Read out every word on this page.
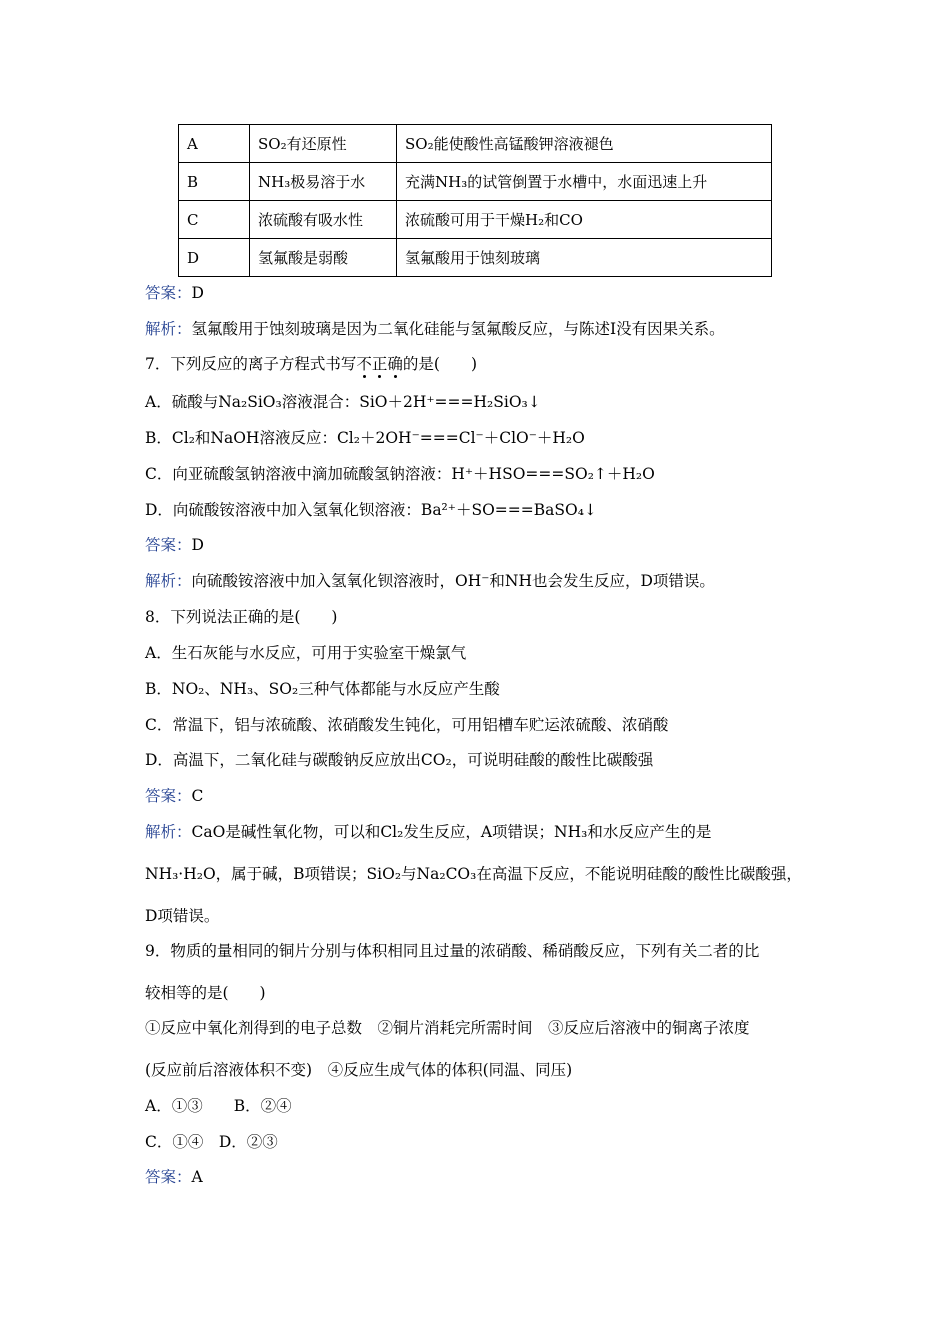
A	SO₂有还原性	SO₂能使酸性高锰酸钾溶液褪色
B	NH₃极易溶于水	充满NH₃的试管倒置于水槽中，水面迅速上升
C	浓硫酸有吸水性	浓硫酸可用于干燥H₂和CO
D	氢氟酸是弱酸	氢氟酸用于蚀刻玻璃
答案：D
解析：氢氟酸用于蚀刻玻璃是因为二氧化硅能与氢氟酸反应，与陈述Ⅰ没有因果关系。
7．下列反应的离子方程式书写不正确的是(　　)
A．硫酸与Na₂SiO₃溶液混合：SiO＋2H⁺===H₂SiO₃↓
B．Cl₂和NaOH溶液反应：Cl₂＋2OH⁻===Cl⁻＋ClO⁻＋H₂O
C．向亚硫酸氢钠溶液中滴加硫酸氢钠溶液：H⁺＋HSO===SO₂↑＋H₂O
D．向硫酸铵溶液中加入氢氧化钡溶液：Ba²⁺＋SO===BaSO₄↓
答案：D
解析：向硫酸铵溶液中加入氢氧化钡溶液时，OH⁻和NH也会发生反应，D项错误。
8．下列说法正确的是(　　)
A．生石灰能与水反应，可用于实验室干燥氯气
B．NO₂、NH₃、SO₂三种气体都能与水反应产生酸
C．常温下，铝与浓硫酸、浓硝酸发生钝化，可用铝槽车贮运浓硫酸、浓硝酸
D．高温下，二氧化硅与碳酸钠反应放出CO₂，可说明硅酸的酸性比碳酸强
答案：C
解析：CaO是碱性氧化物，可以和Cl₂发生反应，A项错误；NH₃和水反应产生的是
NH₃·H₂O，属于碱，B项错误；SiO₂与Na₂CO₃在高温下反应，不能说明硅酸的酸性比碳酸强，
D项错误。
9．物质的量相同的铜片分别与体积相同且过量的浓硝酸、稀硝酸反应，下列有关二者的比
较相等的是(　　)
①反应中氧化剂得到的电子总数　②铜片消耗完所需时间　③反应后溶液中的铜离子浓度
(反应前后溶液体积不变)　④反应生成气体的体积(同温、同压)
A．①③　　B．②④
C．①④　D．②③
答案：A
